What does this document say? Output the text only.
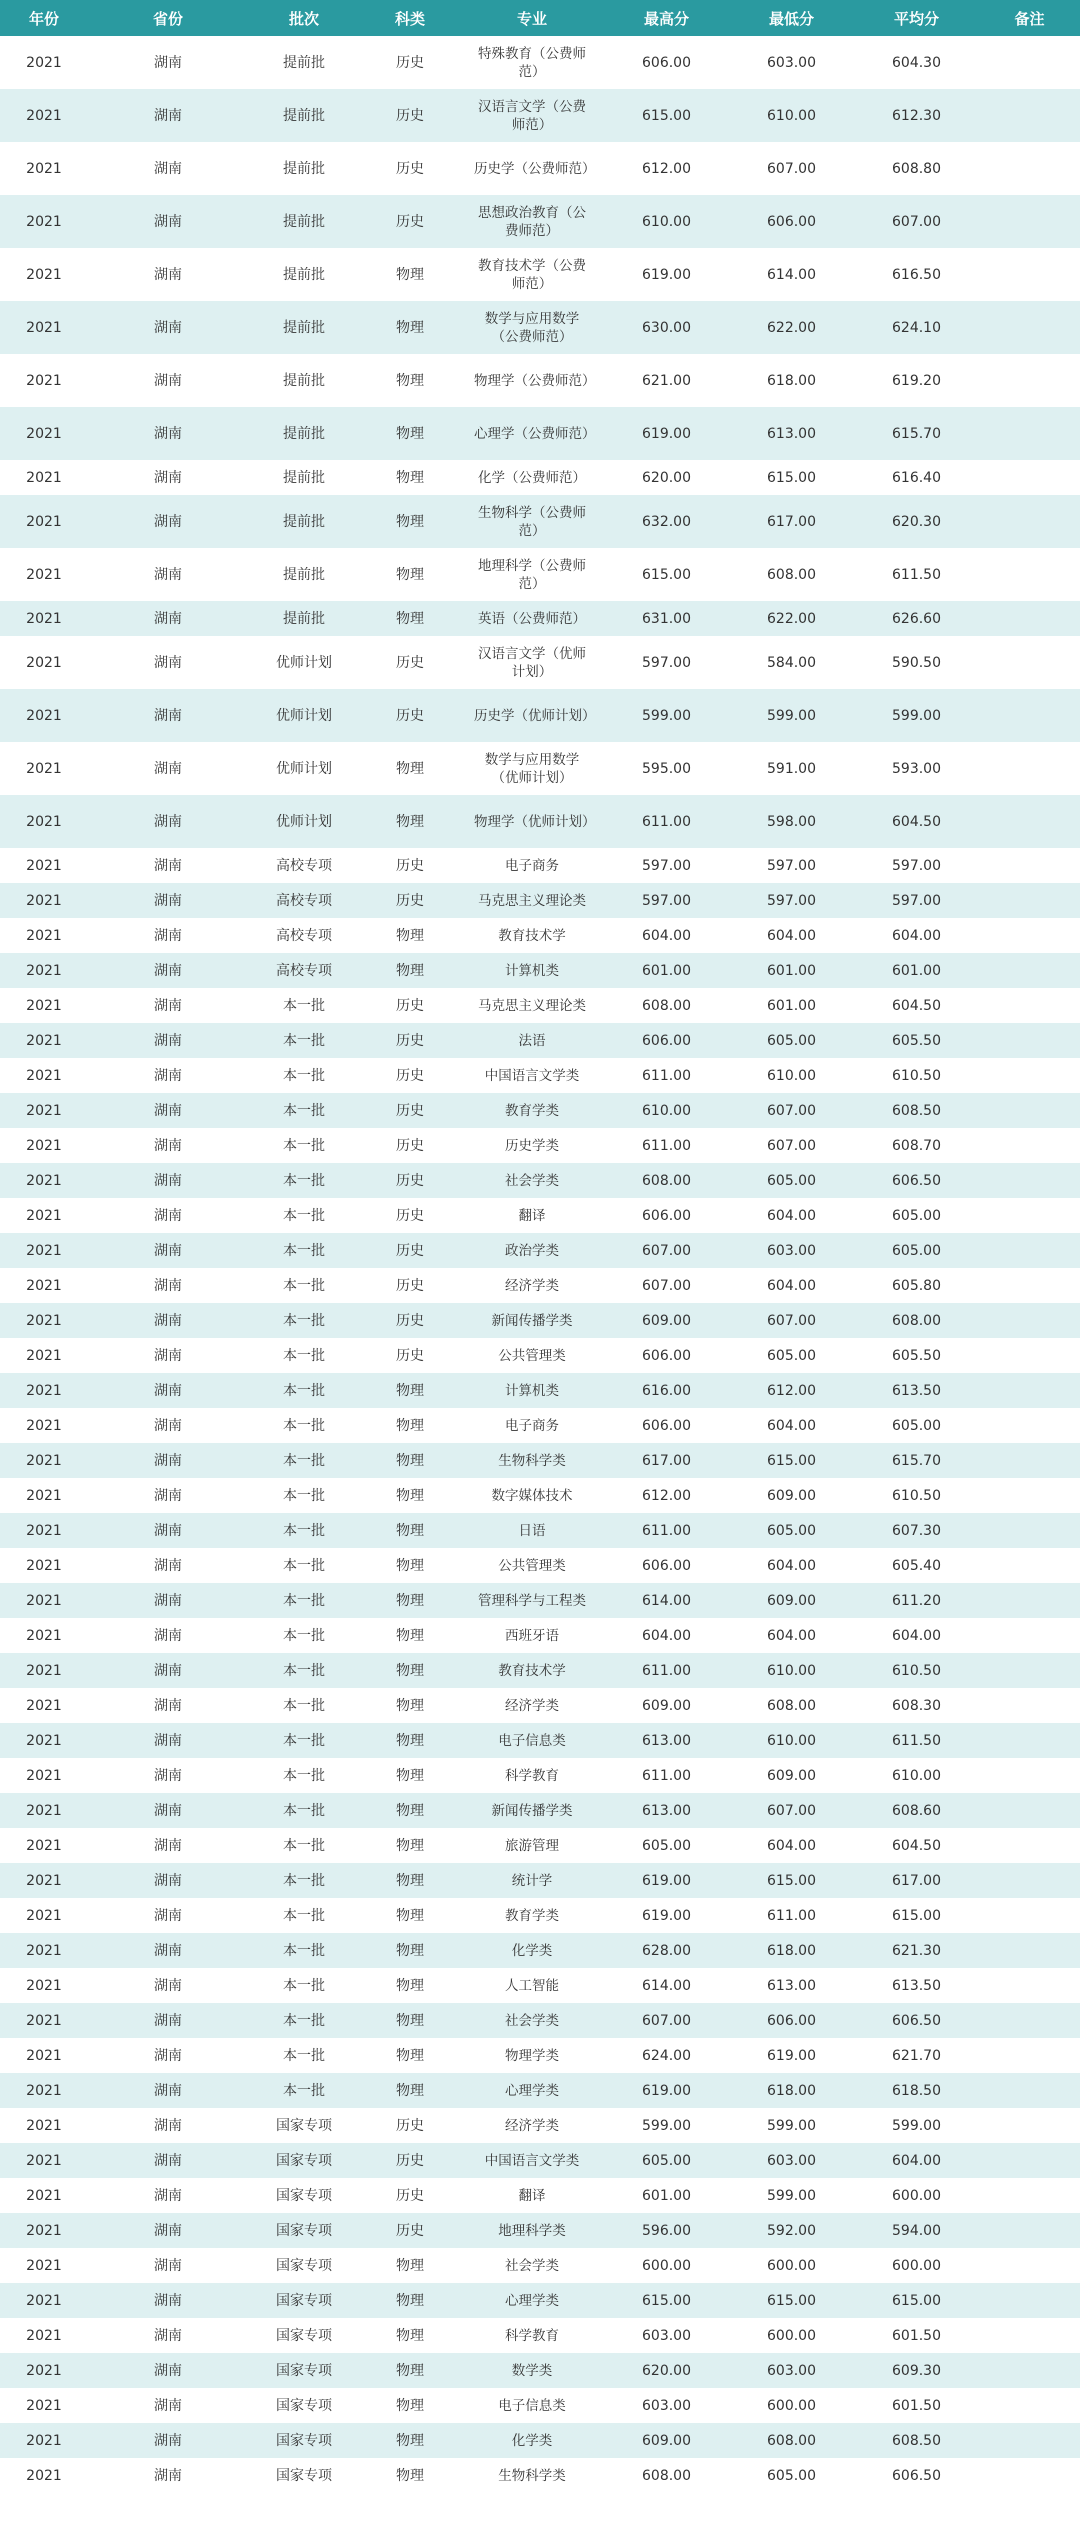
年份	省份	批次	科类	专业	最高分	最低分	平均分	备注
2021	湖南	提前批	历史	特殊教育（公费师范）	606.00	603.00	604.30	
2021	湖南	提前批	历史	汉语言文学（公费师范）	615.00	610.00	612.30	
2021	湖南	提前批	历史	历史学（公费师范）	612.00	607.00	608.80	
2021	湖南	提前批	历史	思想政治教育（公费师范）	610.00	606.00	607.00	
2021	湖南	提前批	物理	教育技术学（公费师范）	619.00	614.00	616.50	
2021	湖南	提前批	物理	数学与应用数学（公费师范）	630.00	622.00	624.10	
2021	湖南	提前批	物理	物理学（公费师范）	621.00	618.00	619.20	
2021	湖南	提前批	物理	心理学（公费师范）	619.00	613.00	615.70	
2021	湖南	提前批	物理	化学（公费师范）	620.00	615.00	616.40	
2021	湖南	提前批	物理	生物科学（公费师范）	632.00	617.00	620.30	
2021	湖南	提前批	物理	地理科学（公费师范）	615.00	608.00	611.50	
2021	湖南	提前批	物理	英语（公费师范）	631.00	622.00	626.60	
2021	湖南	优师计划	历史	汉语言文学（优师计划）	597.00	584.00	590.50	
2021	湖南	优师计划	历史	历史学（优师计划）	599.00	599.00	599.00	
2021	湖南	优师计划	物理	数学与应用数学（优师计划）	595.00	591.00	593.00	
2021	湖南	优师计划	物理	物理学（优师计划）	611.00	598.00	604.50	
2021	湖南	高校专项	历史	电子商务	597.00	597.00	597.00	
2021	湖南	高校专项	历史	马克思主义理论类	597.00	597.00	597.00	
2021	湖南	高校专项	物理	教育技术学	604.00	604.00	604.00	
2021	湖南	高校专项	物理	计算机类	601.00	601.00	601.00	
2021	湖南	本一批	历史	马克思主义理论类	608.00	601.00	604.50	
2021	湖南	本一批	历史	法语	606.00	605.00	605.50	
2021	湖南	本一批	历史	中国语言文学类	611.00	610.00	610.50	
2021	湖南	本一批	历史	教育学类	610.00	607.00	608.50	
2021	湖南	本一批	历史	历史学类	611.00	607.00	608.70	
2021	湖南	本一批	历史	社会学类	608.00	605.00	606.50	
2021	湖南	本一批	历史	翻译	606.00	604.00	605.00	
2021	湖南	本一批	历史	政治学类	607.00	603.00	605.00	
2021	湖南	本一批	历史	经济学类	607.00	604.00	605.80	
2021	湖南	本一批	历史	新闻传播学类	609.00	607.00	608.00	
2021	湖南	本一批	历史	公共管理类	606.00	605.00	605.50	
2021	湖南	本一批	物理	计算机类	616.00	612.00	613.50	
2021	湖南	本一批	物理	电子商务	606.00	604.00	605.00	
2021	湖南	本一批	物理	生物科学类	617.00	615.00	615.70	
2021	湖南	本一批	物理	数字媒体技术	612.00	609.00	610.50	
2021	湖南	本一批	物理	日语	611.00	605.00	607.30	
2021	湖南	本一批	物理	公共管理类	606.00	604.00	605.40	
2021	湖南	本一批	物理	管理科学与工程类	614.00	609.00	611.20	
2021	湖南	本一批	物理	西班牙语	604.00	604.00	604.00	
2021	湖南	本一批	物理	教育技术学	611.00	610.00	610.50	
2021	湖南	本一批	物理	经济学类	609.00	608.00	608.30	
2021	湖南	本一批	物理	电子信息类	613.00	610.00	611.50	
2021	湖南	本一批	物理	科学教育	611.00	609.00	610.00	
2021	湖南	本一批	物理	新闻传播学类	613.00	607.00	608.60	
2021	湖南	本一批	物理	旅游管理	605.00	604.00	604.50	
2021	湖南	本一批	物理	统计学	619.00	615.00	617.00	
2021	湖南	本一批	物理	教育学类	619.00	611.00	615.00	
2021	湖南	本一批	物理	化学类	628.00	618.00	621.30	
2021	湖南	本一批	物理	人工智能	614.00	613.00	613.50	
2021	湖南	本一批	物理	社会学类	607.00	606.00	606.50	
2021	湖南	本一批	物理	物理学类	624.00	619.00	621.70	
2021	湖南	本一批	物理	心理学类	619.00	618.00	618.50	
2021	湖南	国家专项	历史	经济学类	599.00	599.00	599.00	
2021	湖南	国家专项	历史	中国语言文学类	605.00	603.00	604.00	
2021	湖南	国家专项	历史	翻译	601.00	599.00	600.00	
2021	湖南	国家专项	历史	地理科学类	596.00	592.00	594.00	
2021	湖南	国家专项	物理	社会学类	600.00	600.00	600.00	
2021	湖南	国家专项	物理	心理学类	615.00	615.00	615.00	
2021	湖南	国家专项	物理	科学教育	603.00	600.00	601.50	
2021	湖南	国家专项	物理	数学类	620.00	603.00	609.30	
2021	湖南	国家专项	物理	电子信息类	603.00	600.00	601.50	
2021	湖南	国家专项	物理	化学类	609.00	608.00	608.50	
2021	湖南	国家专项	物理	生物科学类	608.00	605.00	606.50	
